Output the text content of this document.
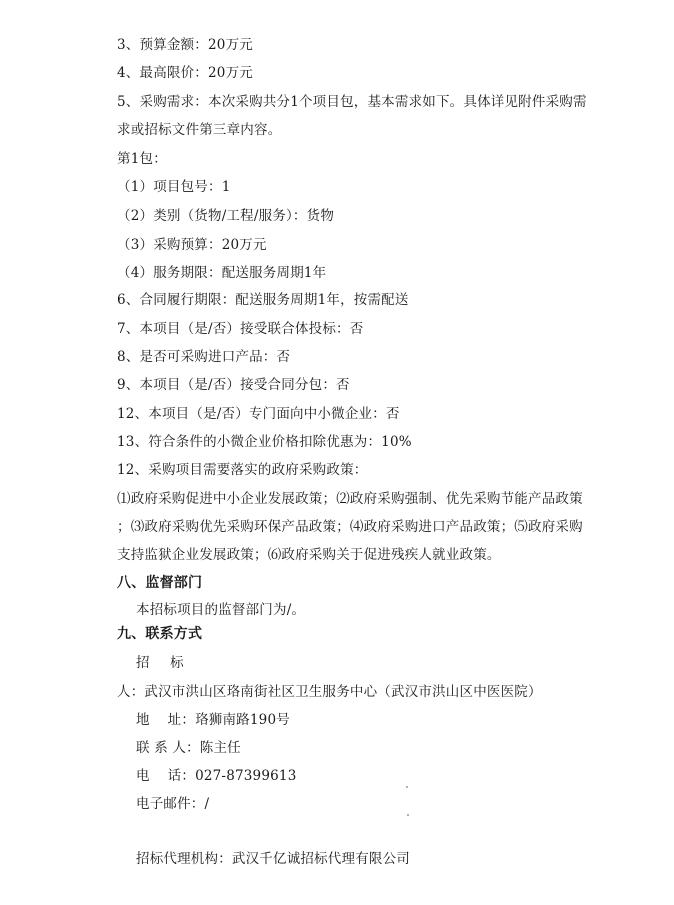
3、预算金额：20万元
4、最高限价：20万元
5、采购需求：本次采购共分1个项目包，基本需求如下。具体详见附件采购需
求或招标文件第三章内容。
第1包：
（1）项目包号：1
（2）类别（货物/工程/服务）：货物
（3）采购预算：20万元
（4）服务期限：配送服务周期1年
6、合同履行期限：配送服务周期1年，按需配送
7、本项目（是/否）接受联合体投标：否
8、是否可采购进口产品：否
9、本项目（是/否）接受合同分包：否
12、本项目（是/否）专门面向中小微企业：否
13、符合条件的小微企业价格扣除优惠为：10%
12、采购项目需要落实的政府采购政策：
⑴政府采购促进中小企业发展政策；⑵政府采购强制、优先采购节能产品政策
；⑶政府采购优先采购环保产品政策；⑷政府采购进口产品政策；⑸政府采购
支持监狱企业发展政策；⑹政府采购关于促进残疾人就业政策。
八、监督部门
本招标项目的监督部门为/。
九、联系方式
招  标
人：武汉市洪山区珞南街社区卫生服务中心（武汉市洪山区中医医院）
地    址：珞狮南路190号
联 系 人：陈主任
电    话：027-87399613
电子邮件：/
招标代理机构：武汉千亿诚招标代理有限公司
